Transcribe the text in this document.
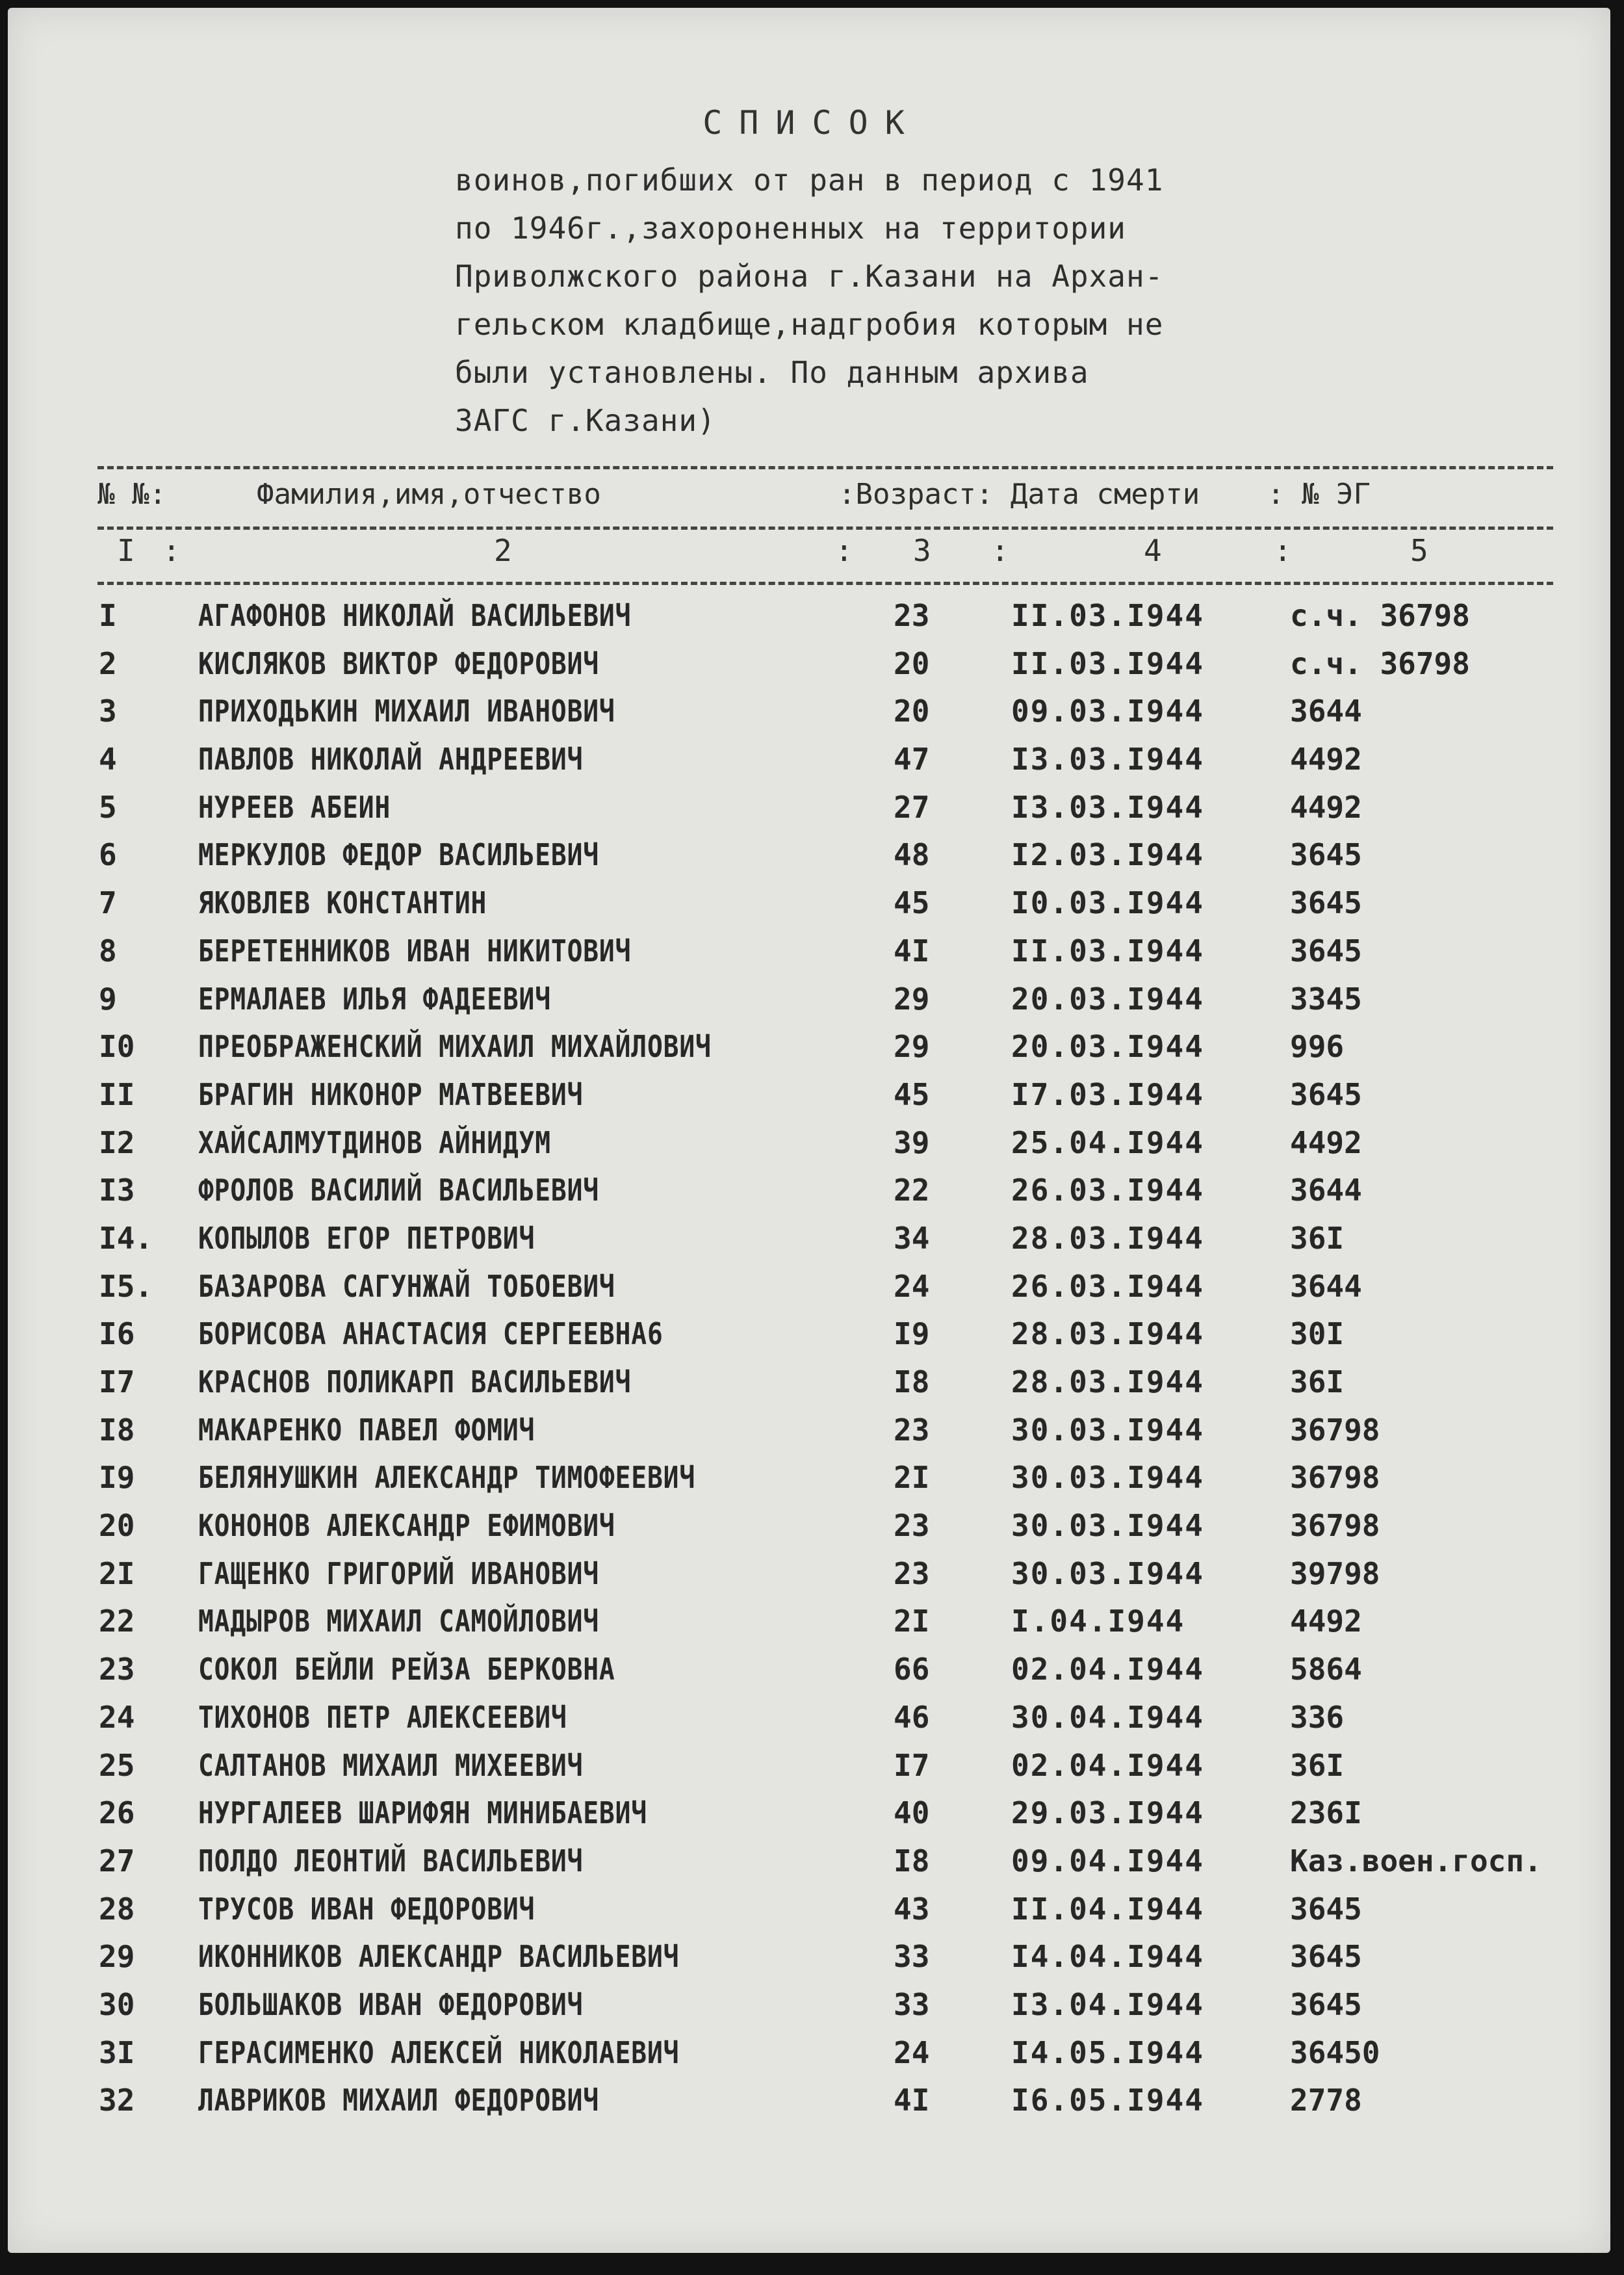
СПИСОК
воинов,погибших от ран в период с 1941
по 1946г.,захороненных на территории
Приволжского района г.Казани на Архан-
гельском кладбище,надгробия которым не
были установлены. По данным архива
ЗАГС г.Казани)
№ №:	Фамилия,имя,отчество	:Возраст: Дата смерти : № ЭГ
I :	2	: 3 :	4	:	5
I	АГАФОНОВ НИКОЛАЙ ВАСИЛЬЕВИЧ	23	II.03.I944	с.ч. 36798
2	КИСЛЯКОВ ВИКТОР ФЕДОРОВИЧ	20	II.03.I944	с.ч. 36798
3	ПРИХОДЬКИН МИХАИЛ ИВАНОВИЧ	20	09.03.I944	3644
4	ПАВЛОВ НИКОЛАЙ АНДРЕЕВИЧ	47	I3.03.I944	4492
5	НУРЕЕВ АБЕИН	27	I3.03.I944	4492
6	МЕРКУЛОВ ФЕДОР ВАСИЛЬЕВИЧ	48	I2.03.I944	3645
7	ЯКОВЛЕВ КОНСТАНТИН	45	I0.03.I944	3645
8	БЕРЕТЕННИКОВ ИВАН НИКИТОВИЧ	4I	II.03.I944	3645
9	ЕРМАЛАЕВ ИЛЬЯ ФАДЕЕВИЧ	29	20.03.I944	3345
I0 ПРЕОБРАЖЕНСКИЙ МИХАИЛ МИХАЙЛОВИЧ	29	20.03.I944	996
II БРАГИН НИКОНОР МАТВЕЕВИЧ	45	I7.03.I944	3645
I2 ХАЙСАЛМУТДИНОВ АЙНИДУМ	39	25.04.I944	4492
I3 ФРОЛОВ ВАСИЛИЙ ВАСИЛЬЕВИЧ	22	26.03.I944	3644
I4. КОПЫЛОВ ЕГОР ПЕТРОВИЧ	34	28.03.I944	36I
I5. БАЗАРОВА САГУНЖАЙ ТОБОЕВИЧ	24	26.03.I944	3644
I6 БОРИСОВА АНАСТАСИЯ СЕРГЕЕВНА6	I9	28.03.I944	30I
I7 КРАСНОВ ПОЛИКАРП ВАСИЛЬЕВИЧ	I8	28.03.I944	36I
I8 МАКАРЕНКО ПАВЕЛ ФОМИЧ	23	30.03.I944	36798
I9 БЕЛЯНУШКИН АЛЕКСАНДР ТИМОФЕЕВИЧ	2I	30.03.I944	36798
20 КОНОНОВ АЛЕКСАНДР ЕФИМОВИЧ	23	30.03.I944	36798
2I ГАЩЕНКО ГРИГОРИЙ ИВАНОВИЧ	23	30.03.I944	39798
22 МАДЫРОВ МИХАИЛ САМОЙЛОВИЧ	2I	I.04.I944	4492
23 СОКОЛ БЕЙЛИ РЕЙЗА БЕРКОВНА	66	02.04.I944	5864
24 ТИХОНОВ ПЕТР АЛЕКСЕЕВИЧ	46	30.04.I944	336
25 САЛТАНОВ МИХАИЛ МИХЕЕВИЧ	I7	02.04.I944	36I
26 НУРГАЛЕЕВ ШАРИФЯН МИНИБАЕВИЧ	40	29.03.I944	236I
27 ПОЛДО ЛЕОНТИЙ ВАСИЛЬЕВИЧ	I8	09.04.I944	Каз.воен.госп.
28 ТРУСОВ ИВАН ФЕДОРОВИЧ	43	II.04.I944	3645
29 ИКОННИКОВ АЛЕКСАНДР ВАСИЛЬЕВИЧ	33	I4.04.I944	3645
30 БОЛЬШАКОВ ИВАН ФЕДОРОВИЧ	33	I3.04.I944	3645
3I ГЕРАСИМЕНКО АЛЕКСЕЙ НИКОЛАЕВИЧ	24	I4.05.I944	36450
32 ЛАВРИКОВ МИХАИЛ ФЕДОРОВИЧ	4I	I6.05.I944	2778
